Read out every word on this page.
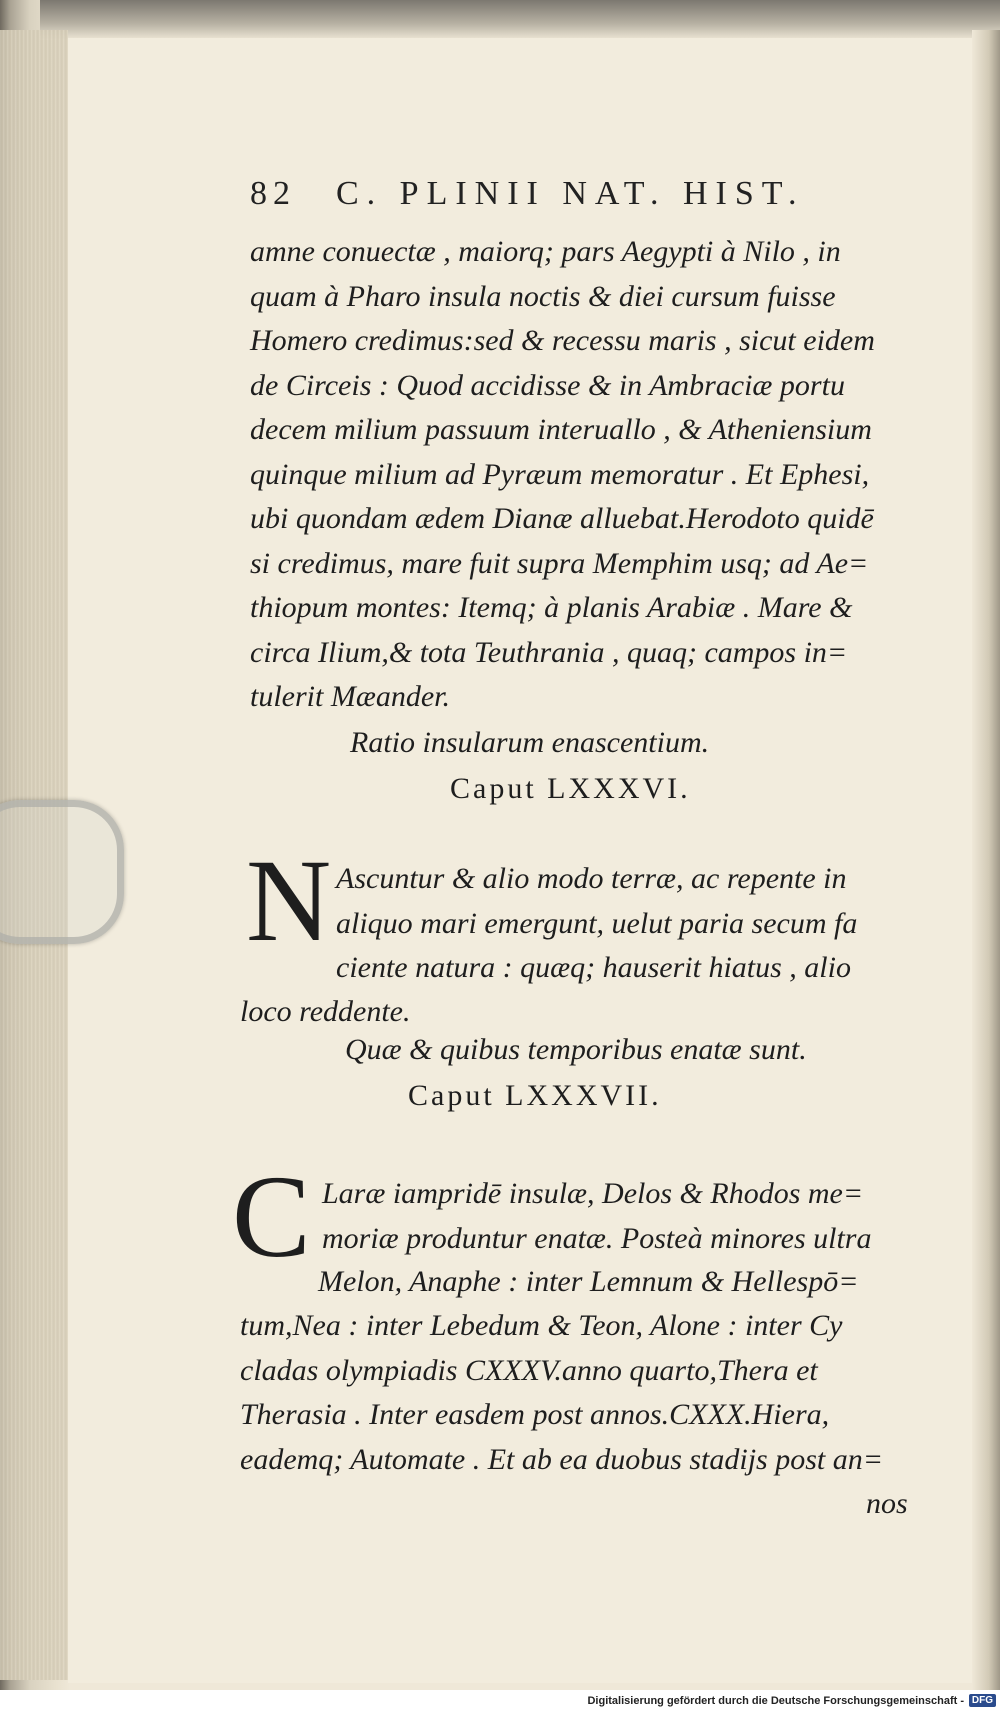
82 C. PLINII NAT. HIST.
amne conuectæ , maiorq; pars Aegypti à Nilo , in
quam à Pharo insula noctis & diei cursum fuisse
Homero credimus:sed & recessu maris , sicut eidem
de Circeis : Quod accidisse & in Ambraciæ portu
decem milium passuum interuallo , & Atheniensium
quinque milium ad Pyræum memoratur . Et Ephesi,
ubi quondam ædem Dianæ alluebat.Herodoto quidē
si credimus, mare fuit supra Memphim usq; ad Ae=
thiopum montes: Itemq; à planis Arabiæ . Mare &
circa Ilium,& tota Teuthrania , quaq; campos in=
tulerit Mæander.
Ratio insularum enascentium.
Caput LXXXVI.
N Ascuntur & alio modo terræ, ac repente in
aliquo mari emergunt, uelut paria secum fa
ciente natura : quæq; hauserit hiatus , alio
loco reddente.
Quæ & quibus temporibus enatæ sunt.
Caput LXXXVII.
C Laræ iampridē insulæ, Delos & Rhodos me=
moriæ produntur enatæ. Posteà minores ultra
Melon, Anaphe : inter Lemnum & Hellespō=
tum,Nea : inter Lebedum & Teon, Alone : inter Cy
cladas olympiadis CXXXV.anno quarto,Thera et
Therasia . Inter easdem post annos.CXXX.Hiera,
eademq; Automate . Et ab ea duobus stadijs post an=
nos
Digitalisierung gefördert durch die Deutsche Forschungsgemeinschaft - DFG
